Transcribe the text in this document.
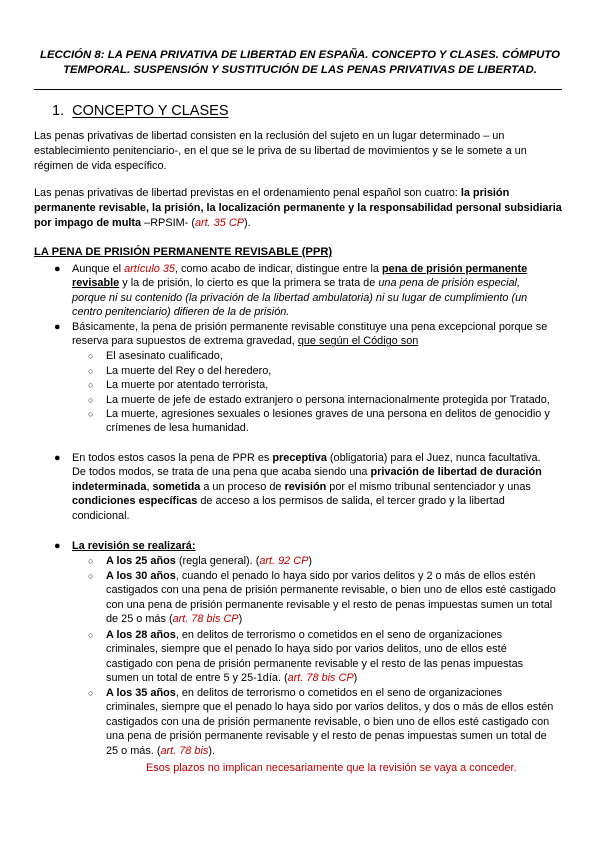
LECCIÓN 8: LA PENA PRIVATIVA DE LIBERTAD EN ESPAÑA. CONCEPTO Y CLASES. CÓMPUTO
TEMPORAL. SUSPENSIÓN Y SUSTITUCIÓN DE LAS PENAS PRIVATIVAS DE LIBERTAD.
1. CONCEPTO Y CLASES

Las penas privativas de libertad consisten en la reclusión del sujeto en un lugar determinado – un establecimiento penitenciario-, en el que se le priva de su libertad de movimientos y se le somete a un régimen de vida específico.

Las penas privativas de libertad previstas en el ordenamiento penal español son cuatro: la prisión permanente revisable, la prisión, la localización permanente y la responsabilidad personal subsidiaria por impago de multa –RPSIM- (art. 35 CP).

LA PENA DE PRISIÓN PERMANENTE REVISABLE (PPR)

● Aunque el artículo 35, como acabo de indicar, distingue entre la pena de prisión permanente revisable y la de prisión, lo cierto es que la primera se trata de una pena de prisión especial, porque ni su contenido (la privación de la libertad ambulatoria) ni su lugar de cumplimiento (un centro penitenciario) difieren de la de prisión.

● Básicamente, la pena de prisión permanente revisable constituye una pena excepcional porque se reserva para supuestos de extrema gravedad, que según el Código son

○ El asesinato cualificado,

○ La muerte del Rey o del heredero,

○ La muerte por atentado terrorista,

○ La muerte de jefe de estado extranjero o persona internacionalmente protegida por Tratado,

○ La muerte, agresiones sexuales o lesiones graves de una persona en delitos de genocidio y crímenes de lesa humanidad.

● En todos estos casos la pena de PPR es preceptiva (obligatoria) para el Juez, nunca facultativa. De todos modos, se trata de una pena que acaba siendo una privación de libertad de duración indeterminada, sometida a un proceso de revisión por el mismo tribunal sentenciador y unas condiciones específicas de acceso a los permisos de salida, el tercer grado y la libertad condicional.

● La revisión se realizará:

○ A los 25 años (regla general). (art. 92 CP)

○ A los 30 años, cuando el penado lo haya sido por varios delitos y 2 o más de ellos estén castigados con una pena de prisión permanente revisable, o bien uno de ellos esté castigado con una pena de prisión permanente revisable y el resto de penas impuestas sumen un total de 25 o más (art. 78 bis CP)

○ A los 28 años, en delitos de terrorismo o cometidos en el seno de organizaciones criminales, siempre que el penado lo haya sido por varios delitos, uno de ellos esté castigado con pena de prisión permanente revisable y el resto de las penas impuestas sumen un total de entre 5 y 25-1día. (art. 78 bis CP)

○ A los 35 años, en delitos de terrorismo o cometidos en el seno de organizaciones criminales, siempre que el penado lo haya sido por varios delitos, y dos o más de ellos estén castigados con una de prisión permanente revisable, o bien uno de ellos esté castigado con una pena de prisión permanente revisable y el resto de penas impuestas sumen un total de 25 o más. (art. 78 bis).

Esos plazos no implican necesariamente que la revisión se vaya a conceder.
